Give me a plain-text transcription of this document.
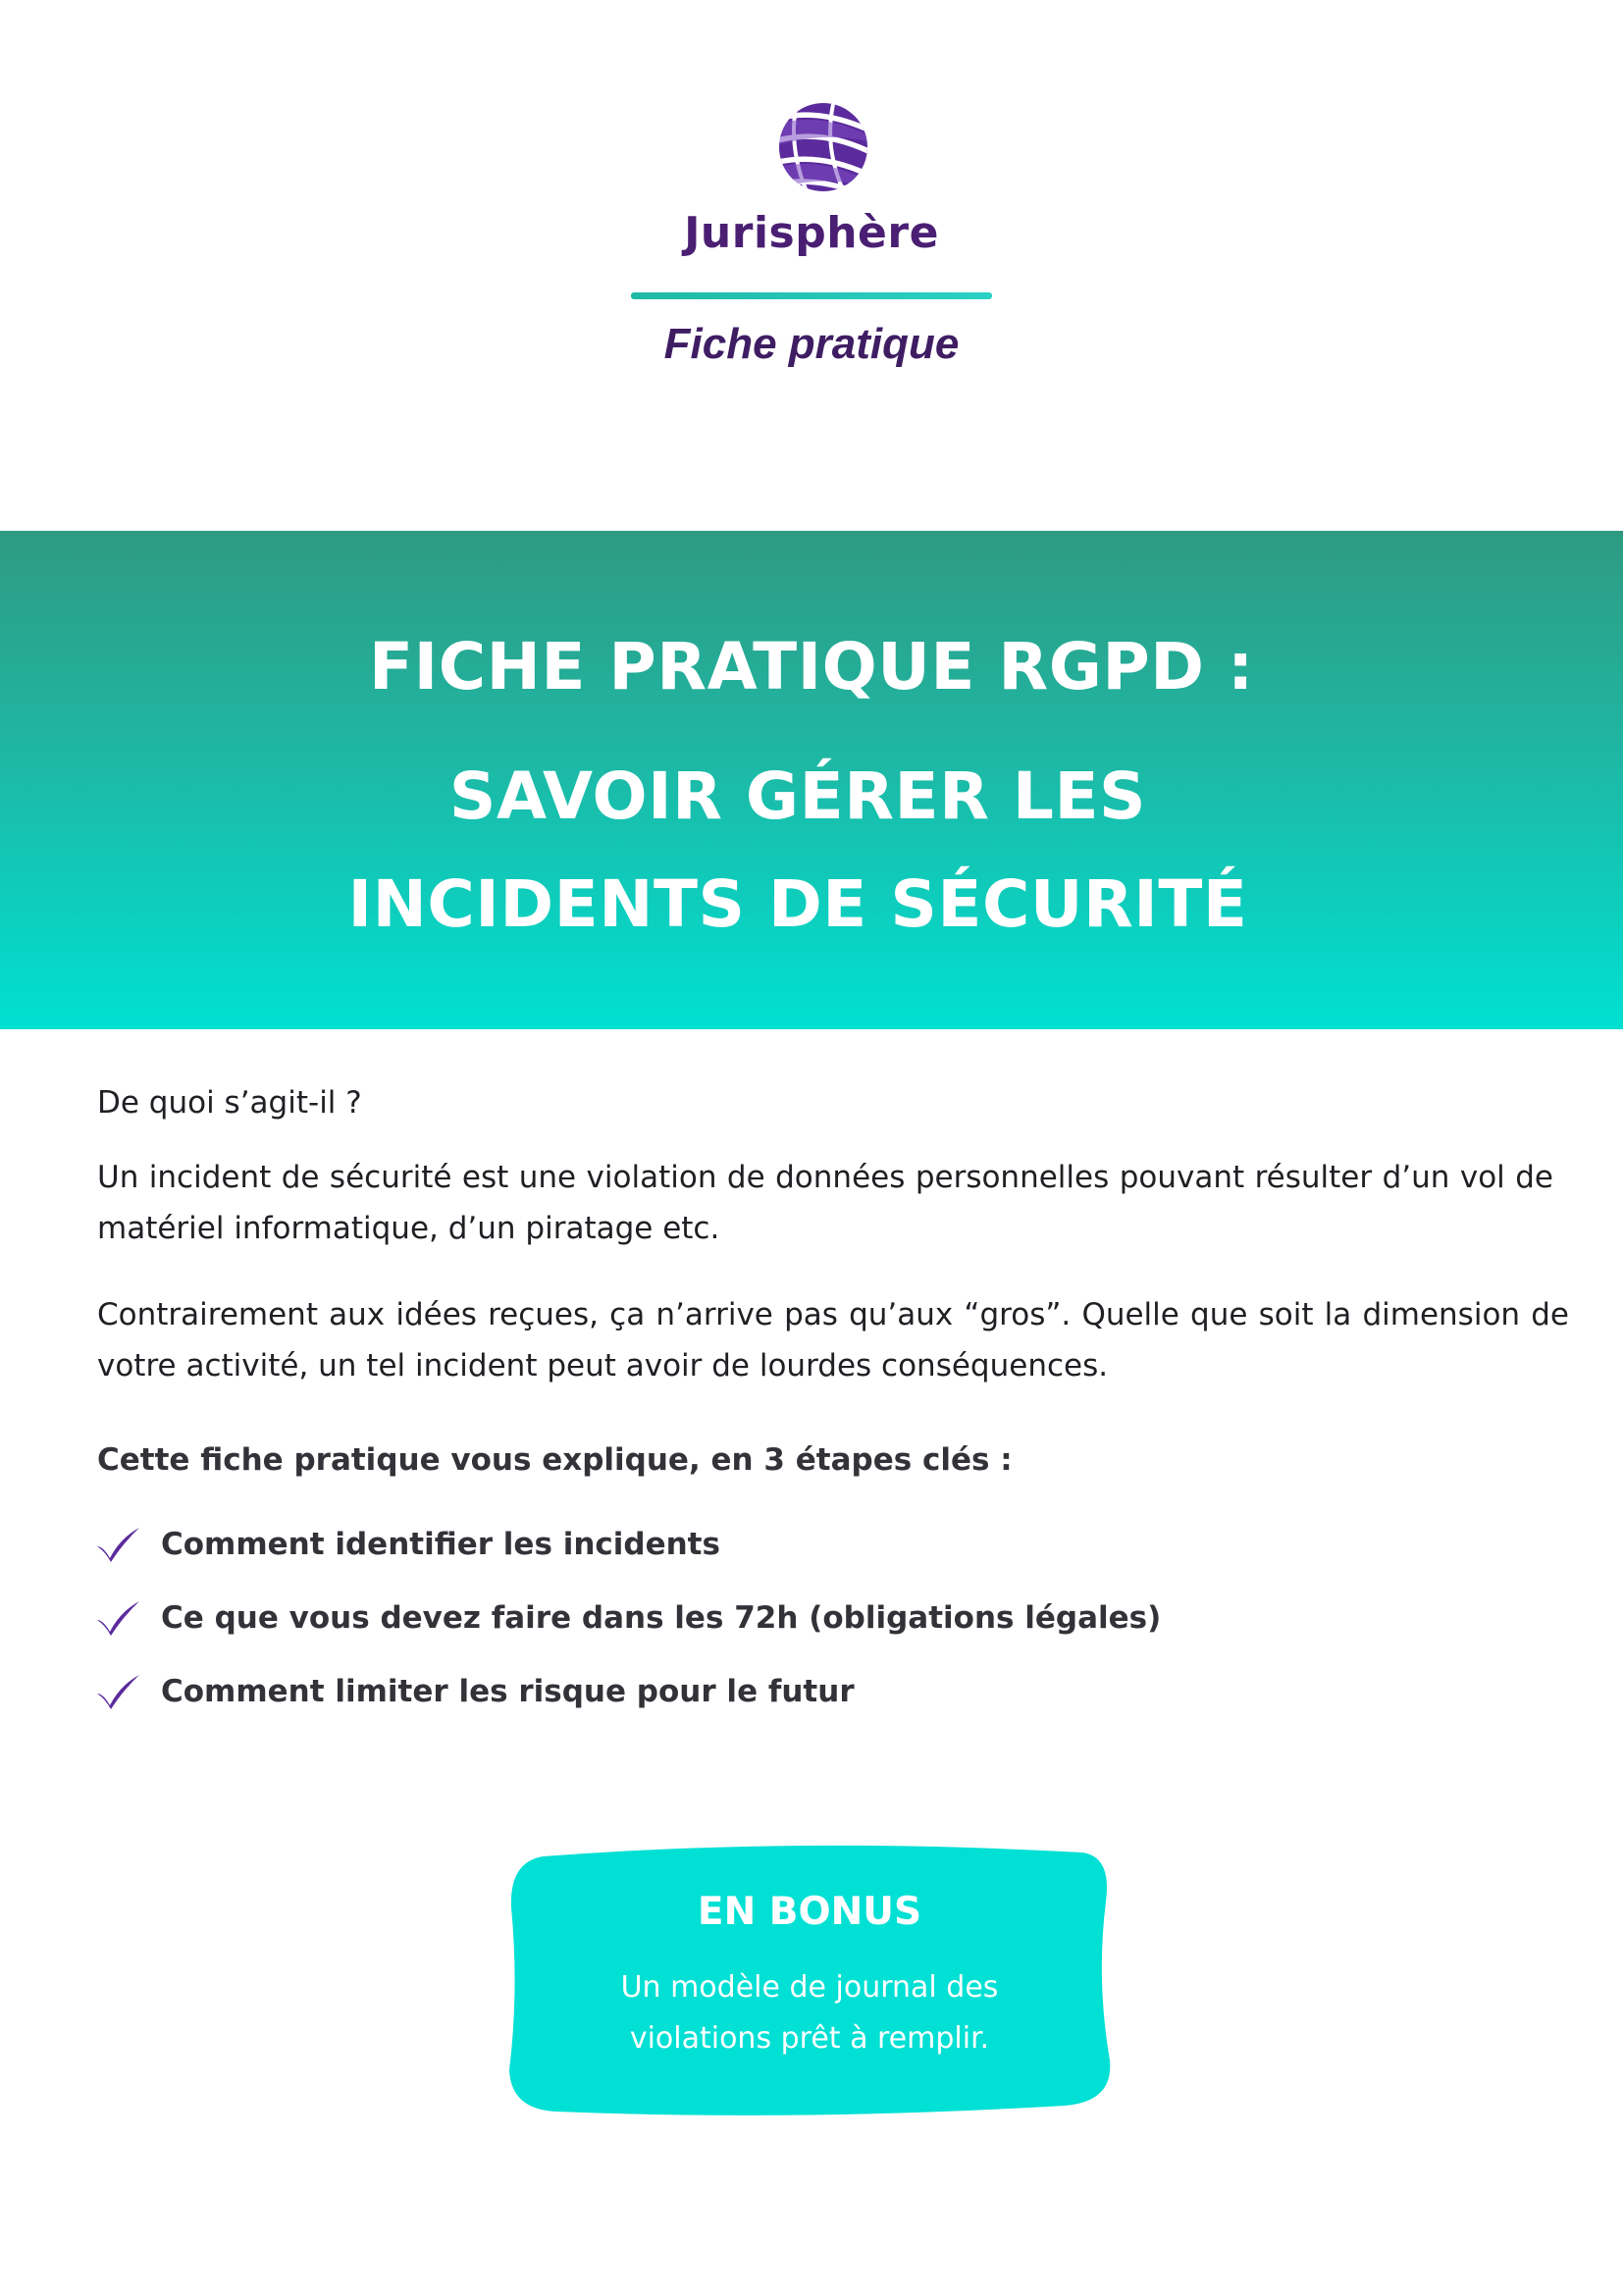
Jurisphère
Fiche pratique
FICHE PRATIQUE RGPD :
SAVOIR GÉRER LES
INCIDENTS DE SÉCURITÉ

De quoi s’agit-il ?

Un incident de sécurité est une violation de données personnelles pouvant résulter d’un vol de matériel informatique, d’un piratage etc.

Contrairement aux idées reçues, ça n’arrive pas qu’aux “gros”. Quelle que soit la dimension de votre activité, un tel incident peut avoir de lourdes conséquences.

Cette fiche pratique vous explique, en 3 étapes clés :

Comment identifier les incidents
Ce que vous devez faire dans les 72h (obligations légales)
Comment limiter les risque pour le futur
EN BONUS
Un modèle de journal des
violations prêt à remplir.
